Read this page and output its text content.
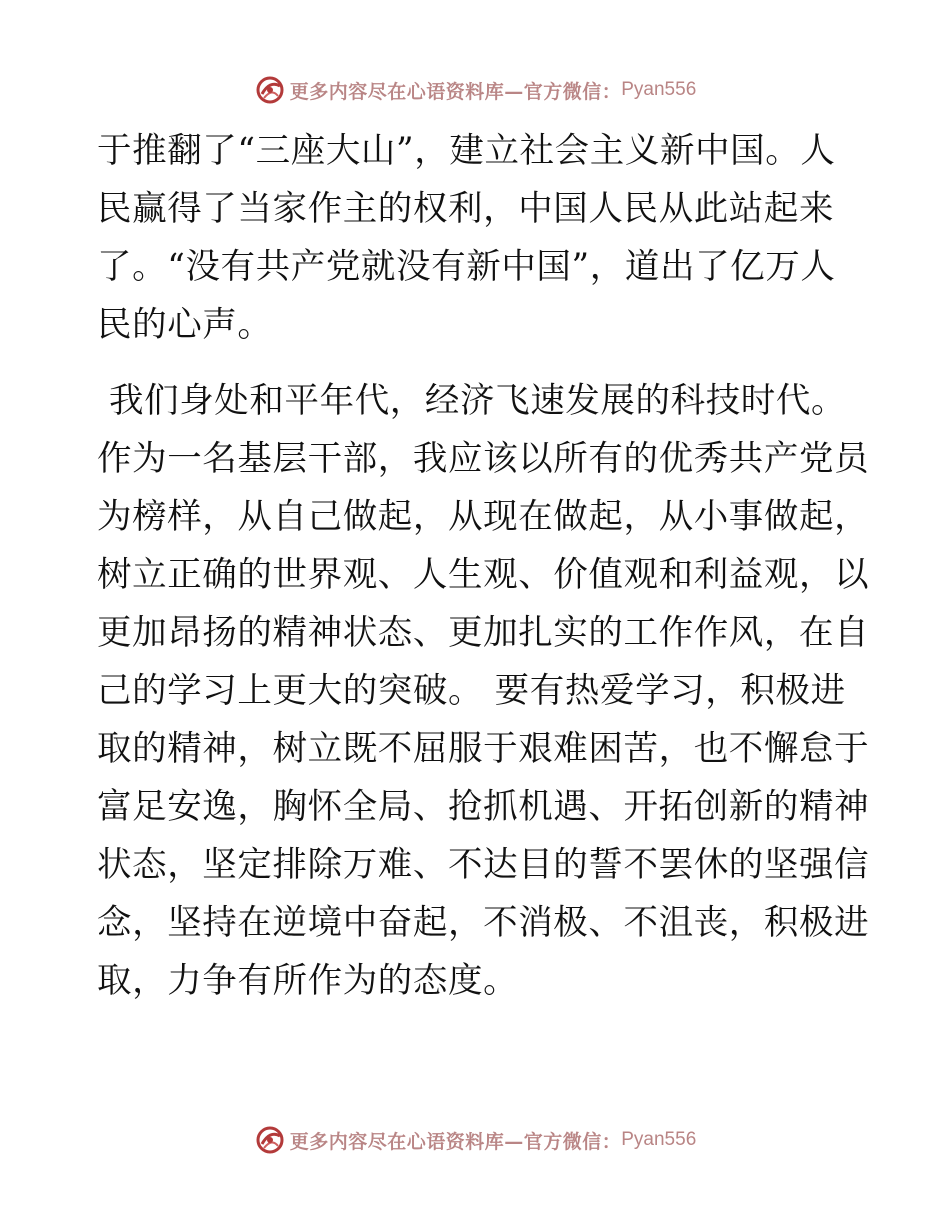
更多内容尽在心语资料库—官方微信： Pyan556
于推翻了“三座大山”，建立社会主义新中国。人
民赢得了当家作主的权利，中国人民从此站起来
了。“没有共产党就没有新中国”，道出了亿万人
民的心声。
我们身处和平年代，经济飞速发展的科技时代。
作为一名基层干部，我应该以所有的优秀共产党员
为榜样，从自己做起，从现在做起，从小事做起，
树立正确的世界观、人生观、价值观和利益观，以
更加昂扬的精神状态、更加扎实的工作作风，在自
己的学习上更大的突破。 要有热爱学习，积极进
取的精神，树立既不屈服于艰难困苦，也不懈怠于
富足安逸，胸怀全局、抢抓机遇、开拓创新的精神
状态，坚定排除万难、不达目的誓不罢休的坚强信
念，坚持在逆境中奋起，不消极、不沮丧，积极进
取，力争有所作为的态度。
更多内容尽在心语资料库—官方微信： Pyan556
